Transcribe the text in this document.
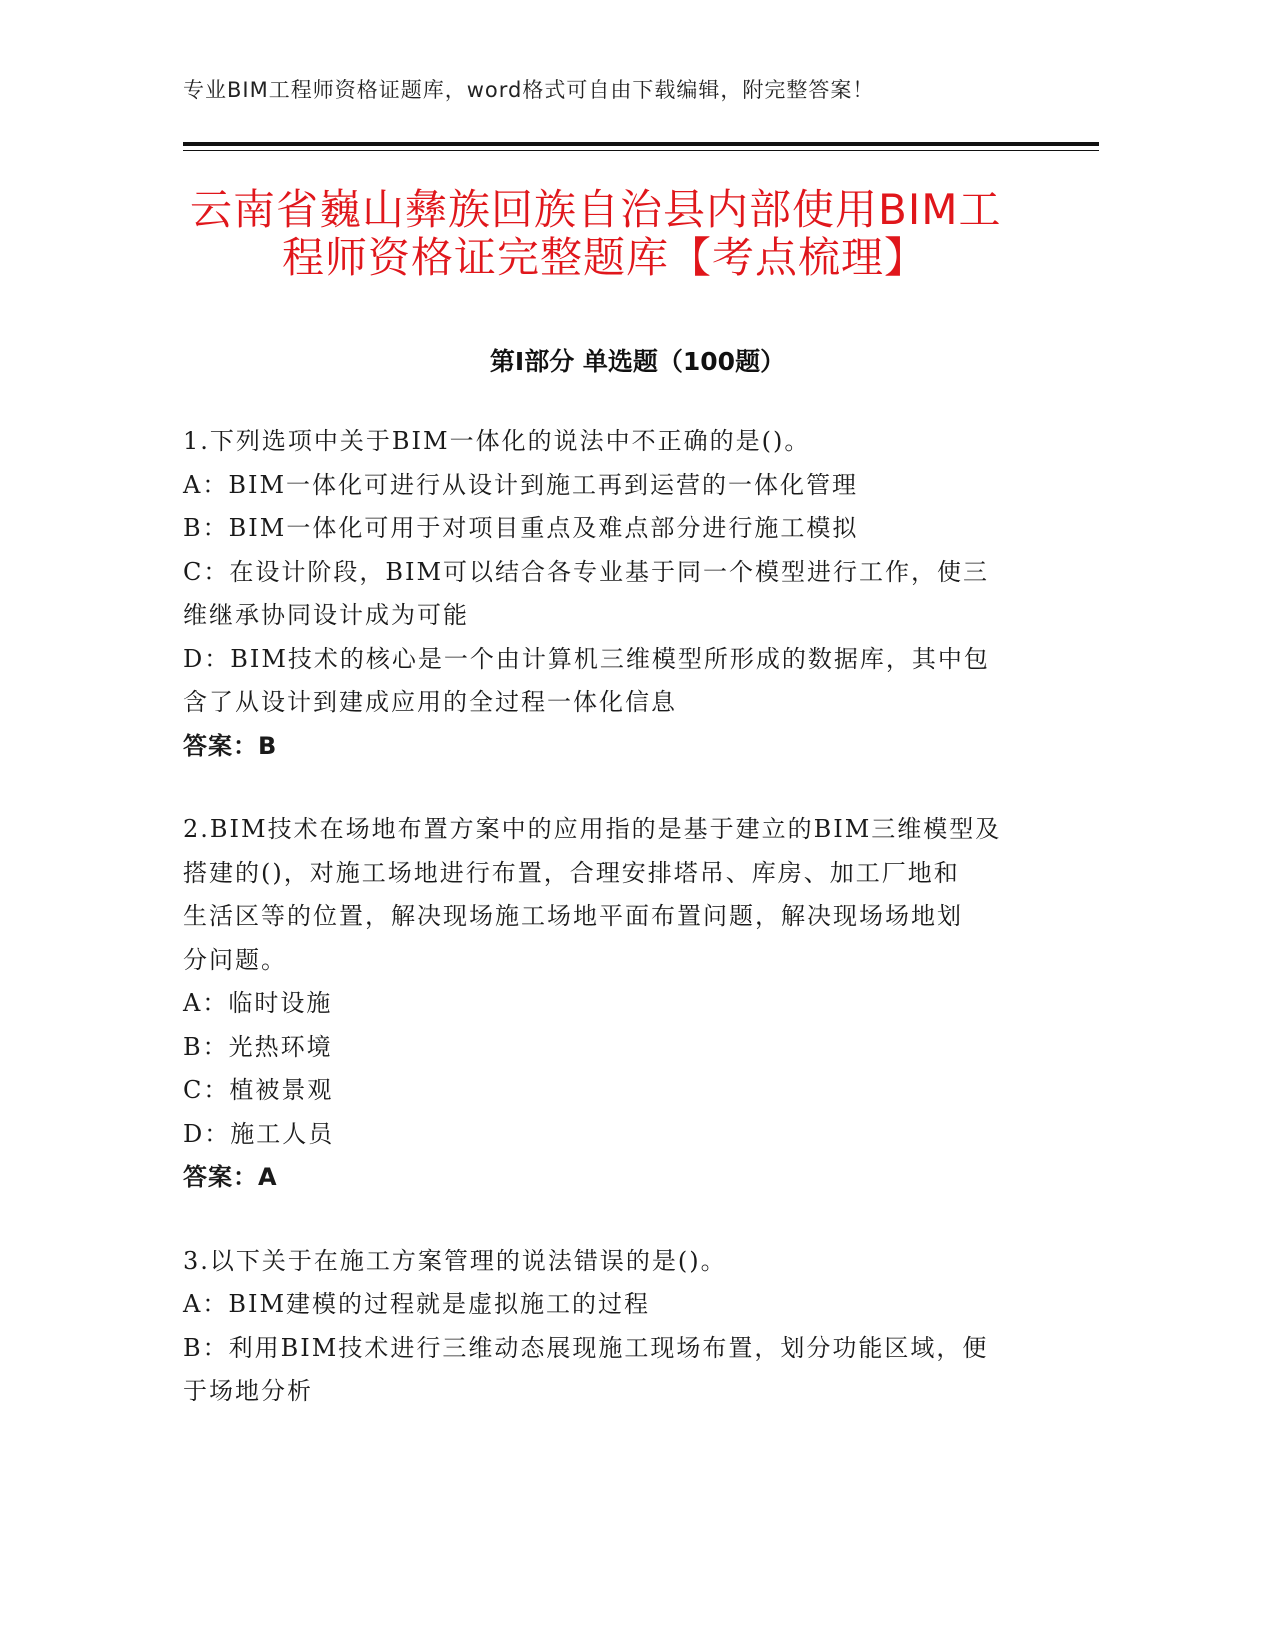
专业BIM工程师资格证题库，word格式可自由下载编辑，附完整答案！
云南省巍山彝族回族自治县内部使用BIM工
程师资格证完整题库【考点梳理】
第Ⅰ部分 单选题（100题）
1.下列选项中关于BIM一体化的说法中不正确的是()。
A：BIM一体化可进行从设计到施工再到运营的一体化管理
B：BIM一体化可用于对项目重点及难点部分进行施工模拟
C：在设计阶段，BIM可以结合各专业基于同一个模型进行工作，使三
维继承协同设计成为可能
D：BIM技术的核心是一个由计算机三维模型所形成的数据库，其中包
含了从设计到建成应用的全过程一体化信息
答案：B
2.BIM技术在场地布置方案中的应用指的是基于建立的BIM三维模型及
搭建的()，对施工场地进行布置，合理安排塔吊、库房、加工厂地和
生活区等的位置，解决现场施工场地平面布置问题，解决现场场地划
分问题。
A：临时设施
B：光热环境
C：植被景观
D：施工人员
答案：A
3.以下关于在施工方案管理的说法错误的是()。
A：BIM建模的过程就是虚拟施工的过程
B：利用BIM技术进行三维动态展现施工现场布置，划分功能区域，便
于场地分析
